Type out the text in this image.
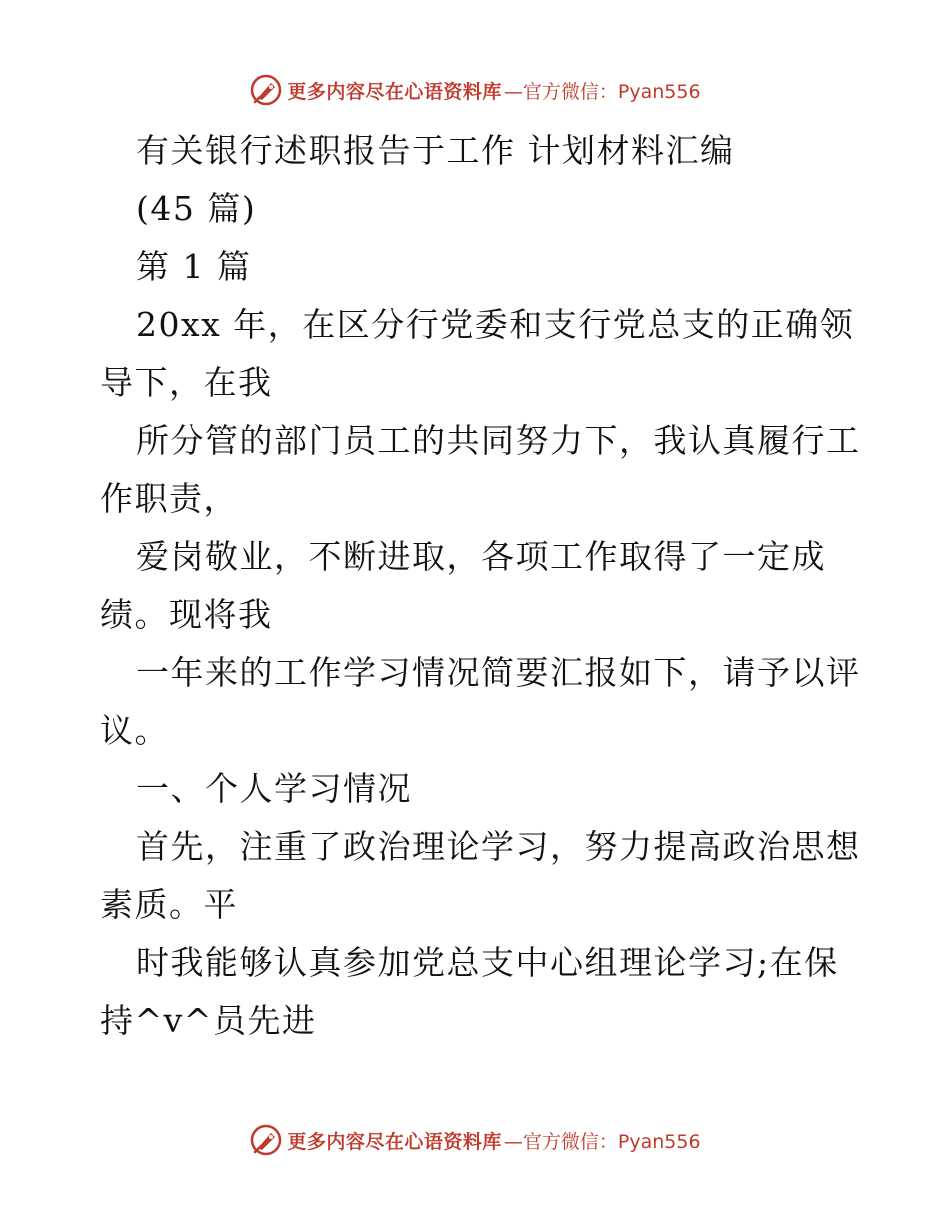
更多内容尽在心语资料库 —官方微信：Pyan556
有关银行述职报告于工作 计划材料汇编
(45 篇)
第 1 篇
20xx 年，在区分行党委和支行党总支的正确领
导下，在我
所分管的部门员工的共同努力下，我认真履行工
作职责，
爱岗敬业，不断进取，各项工作取得了一定成
绩。现将我
一年来的工作学习情况简要汇报如下，请予以评
议。
一、个人学习情况
首先，注重了政治理论学习，努力提高政治思想
素质。平
时我能够认真参加党总支中心组理论学习;在保
持^v^员先进
更多内容尽在心语资料库 —官方微信：Pyan556
